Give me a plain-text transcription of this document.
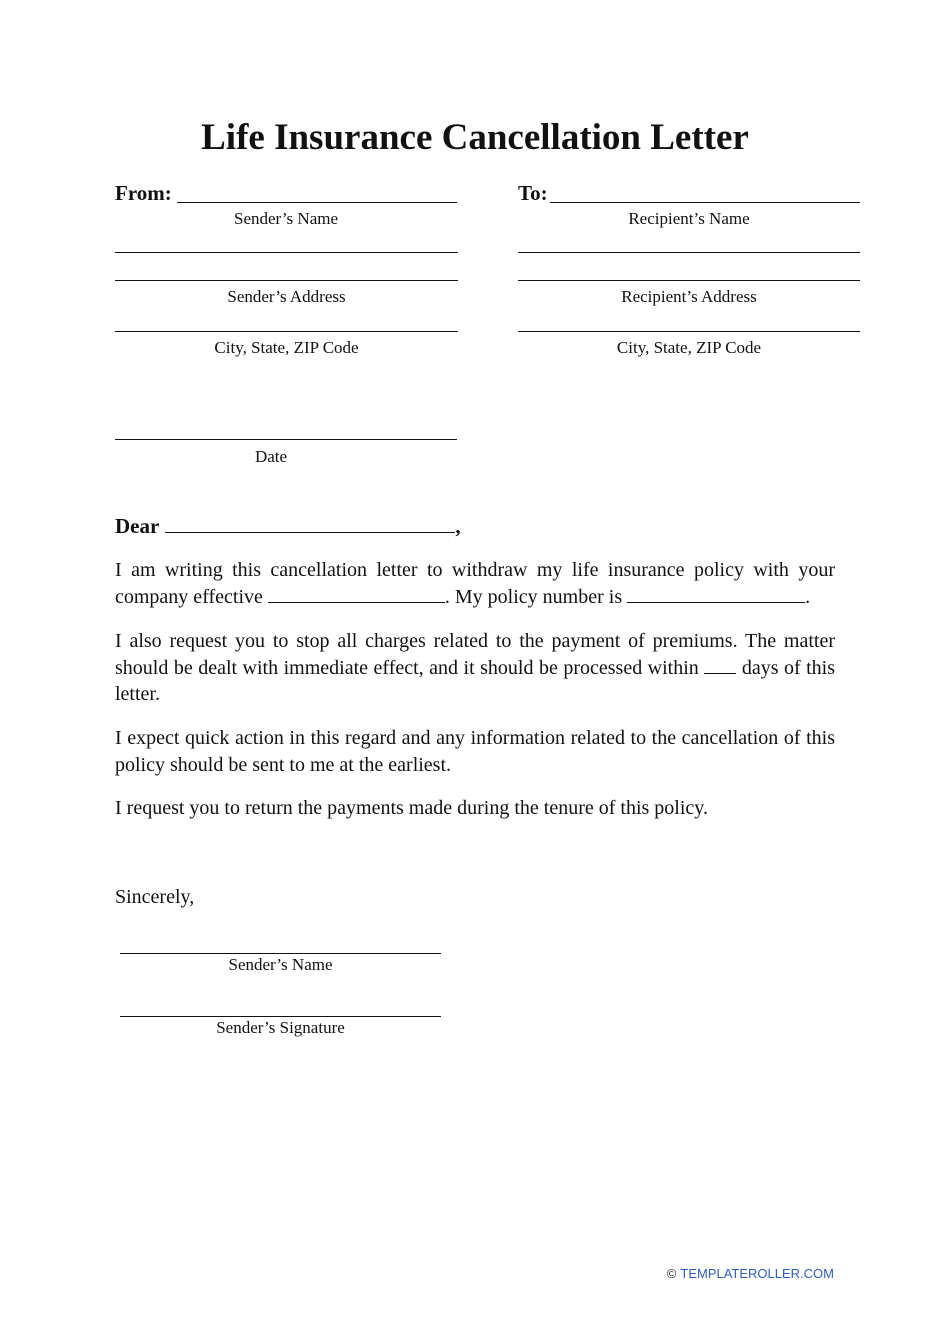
Life Insurance Cancellation Letter
From:
Sender’s Name
Sender’s Address
City, State, ZIP Code
Date
To:
Recipient’s Name
Recipient’s Address
City, State, ZIP Code
Dear	,

I am writing this cancellation letter to withdraw my life insurance policy with your company effective	. My policy number is	.

I also request you to stop all charges related to the payment of premiums. The matter should be dealt with immediate effect, and it should be processed within days of this letter.

I expect quick action in this regard and any information related to the cancellation of this policy should be sent to me at the earliest.

I request you to return the payments made during the tenure of this policy.

Sincerely,
Sender’s Name
Sender’s Signature
© TEMPLATEROLLER.COM
